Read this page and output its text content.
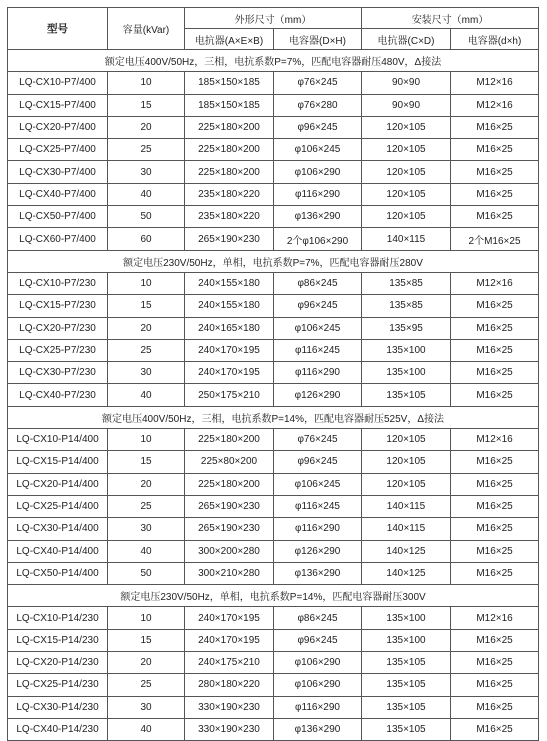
型号	容量(kVar)	外形尺寸（mm）		安装尺寸（mm）	
		电抗器(A×E×B)	电容器(D×H)	电抗器(C×D)	电容器(d×h)
额定电压400V/50Hz，三相，电抗系数P=7%，匹配电容器耐压480V，Δ接法					
LQ-CX10-P7/400	10	185×150×185	φ76×245	90×90	M12×16
LQ-CX15-P7/400	15	185×150×185	φ76×280	90×90	M12×16
LQ-CX20-P7/400	20	225×180×200	φ96×245	120×105	M16×25
LQ-CX25-P7/400	25	225×180×200	φ106×245	120×105	M16×25
LQ-CX30-P7/400	30	225×180×200	φ106×290	120×105	M16×25
LQ-CX40-P7/400	40	235×180×220	φ116×290	120×105	M16×25
LQ-CX50-P7/400	50	235×180×220	φ136×290	120×105	M16×25
LQ-CX60-P7/400	60	265×190×230	2个φ106×290	140×115	2个M16×25
额定电压230V/50Hz，单相，电抗系数P=7%，匹配电容器耐压280V					
LQ-CX10-P7/230	10	240×155×180	φ86×245	135×85	M12×16
LQ-CX15-P7/230	15	240×155×180	φ96×245	135×85	M16×25
LQ-CX20-P7/230	20	240×165×180	φ106×245	135×95	M16×25
LQ-CX25-P7/230	25	240×170×195	φ116×245	135×100	M16×25
LQ-CX30-P7/230	30	240×170×195	φ116×290	135×100	M16×25
LQ-CX40-P7/230	40	250×175×210	φ126×290	135×105	M16×25
额定电压400V/50Hz，三相，电抗系数P=14%，匹配电容器耐压525V，Δ接法					
LQ-CX10-P14/400	10	225×180×200	φ76×245	120×105	M12×16
LQ-CX15-P14/400	15	225×80×200	φ96×245	120×105	M16×25
LQ-CX20-P14/400	20	225×180×200	φ106×245	120×105	M16×25
LQ-CX25-P14/400	25	265×190×230	φ116×245	140×115	M16×25
LQ-CX30-P14/400	30	265×190×230	φ116×290	140×115	M16×25
LQ-CX40-P14/400	40	300×200×280	φ126×290	140×125	M16×25
LQ-CX50-P14/400	50	300×210×280	φ136×290	140×125	M16×25
额定电压230V/50Hz，单相，电抗系数P=14%，匹配电容器耐压300V					
LQ-CX10-P14/230	10	240×170×195	φ86×245	135×100	M12×16
LQ-CX15-P14/230	15	240×170×195	φ96×245	135×100	M16×25
LQ-CX20-P14/230	20	240×175×210	φ106×290	135×105	M16×25
LQ-CX25-P14/230	25	280×180×220	φ106×290	135×105	M16×25
LQ-CX30-P14/230	30	330×190×230	φ116×290	135×105	M16×25
LQ-CX40-P14/230	40	330×190×230	φ136×290	135×105	M16×25
